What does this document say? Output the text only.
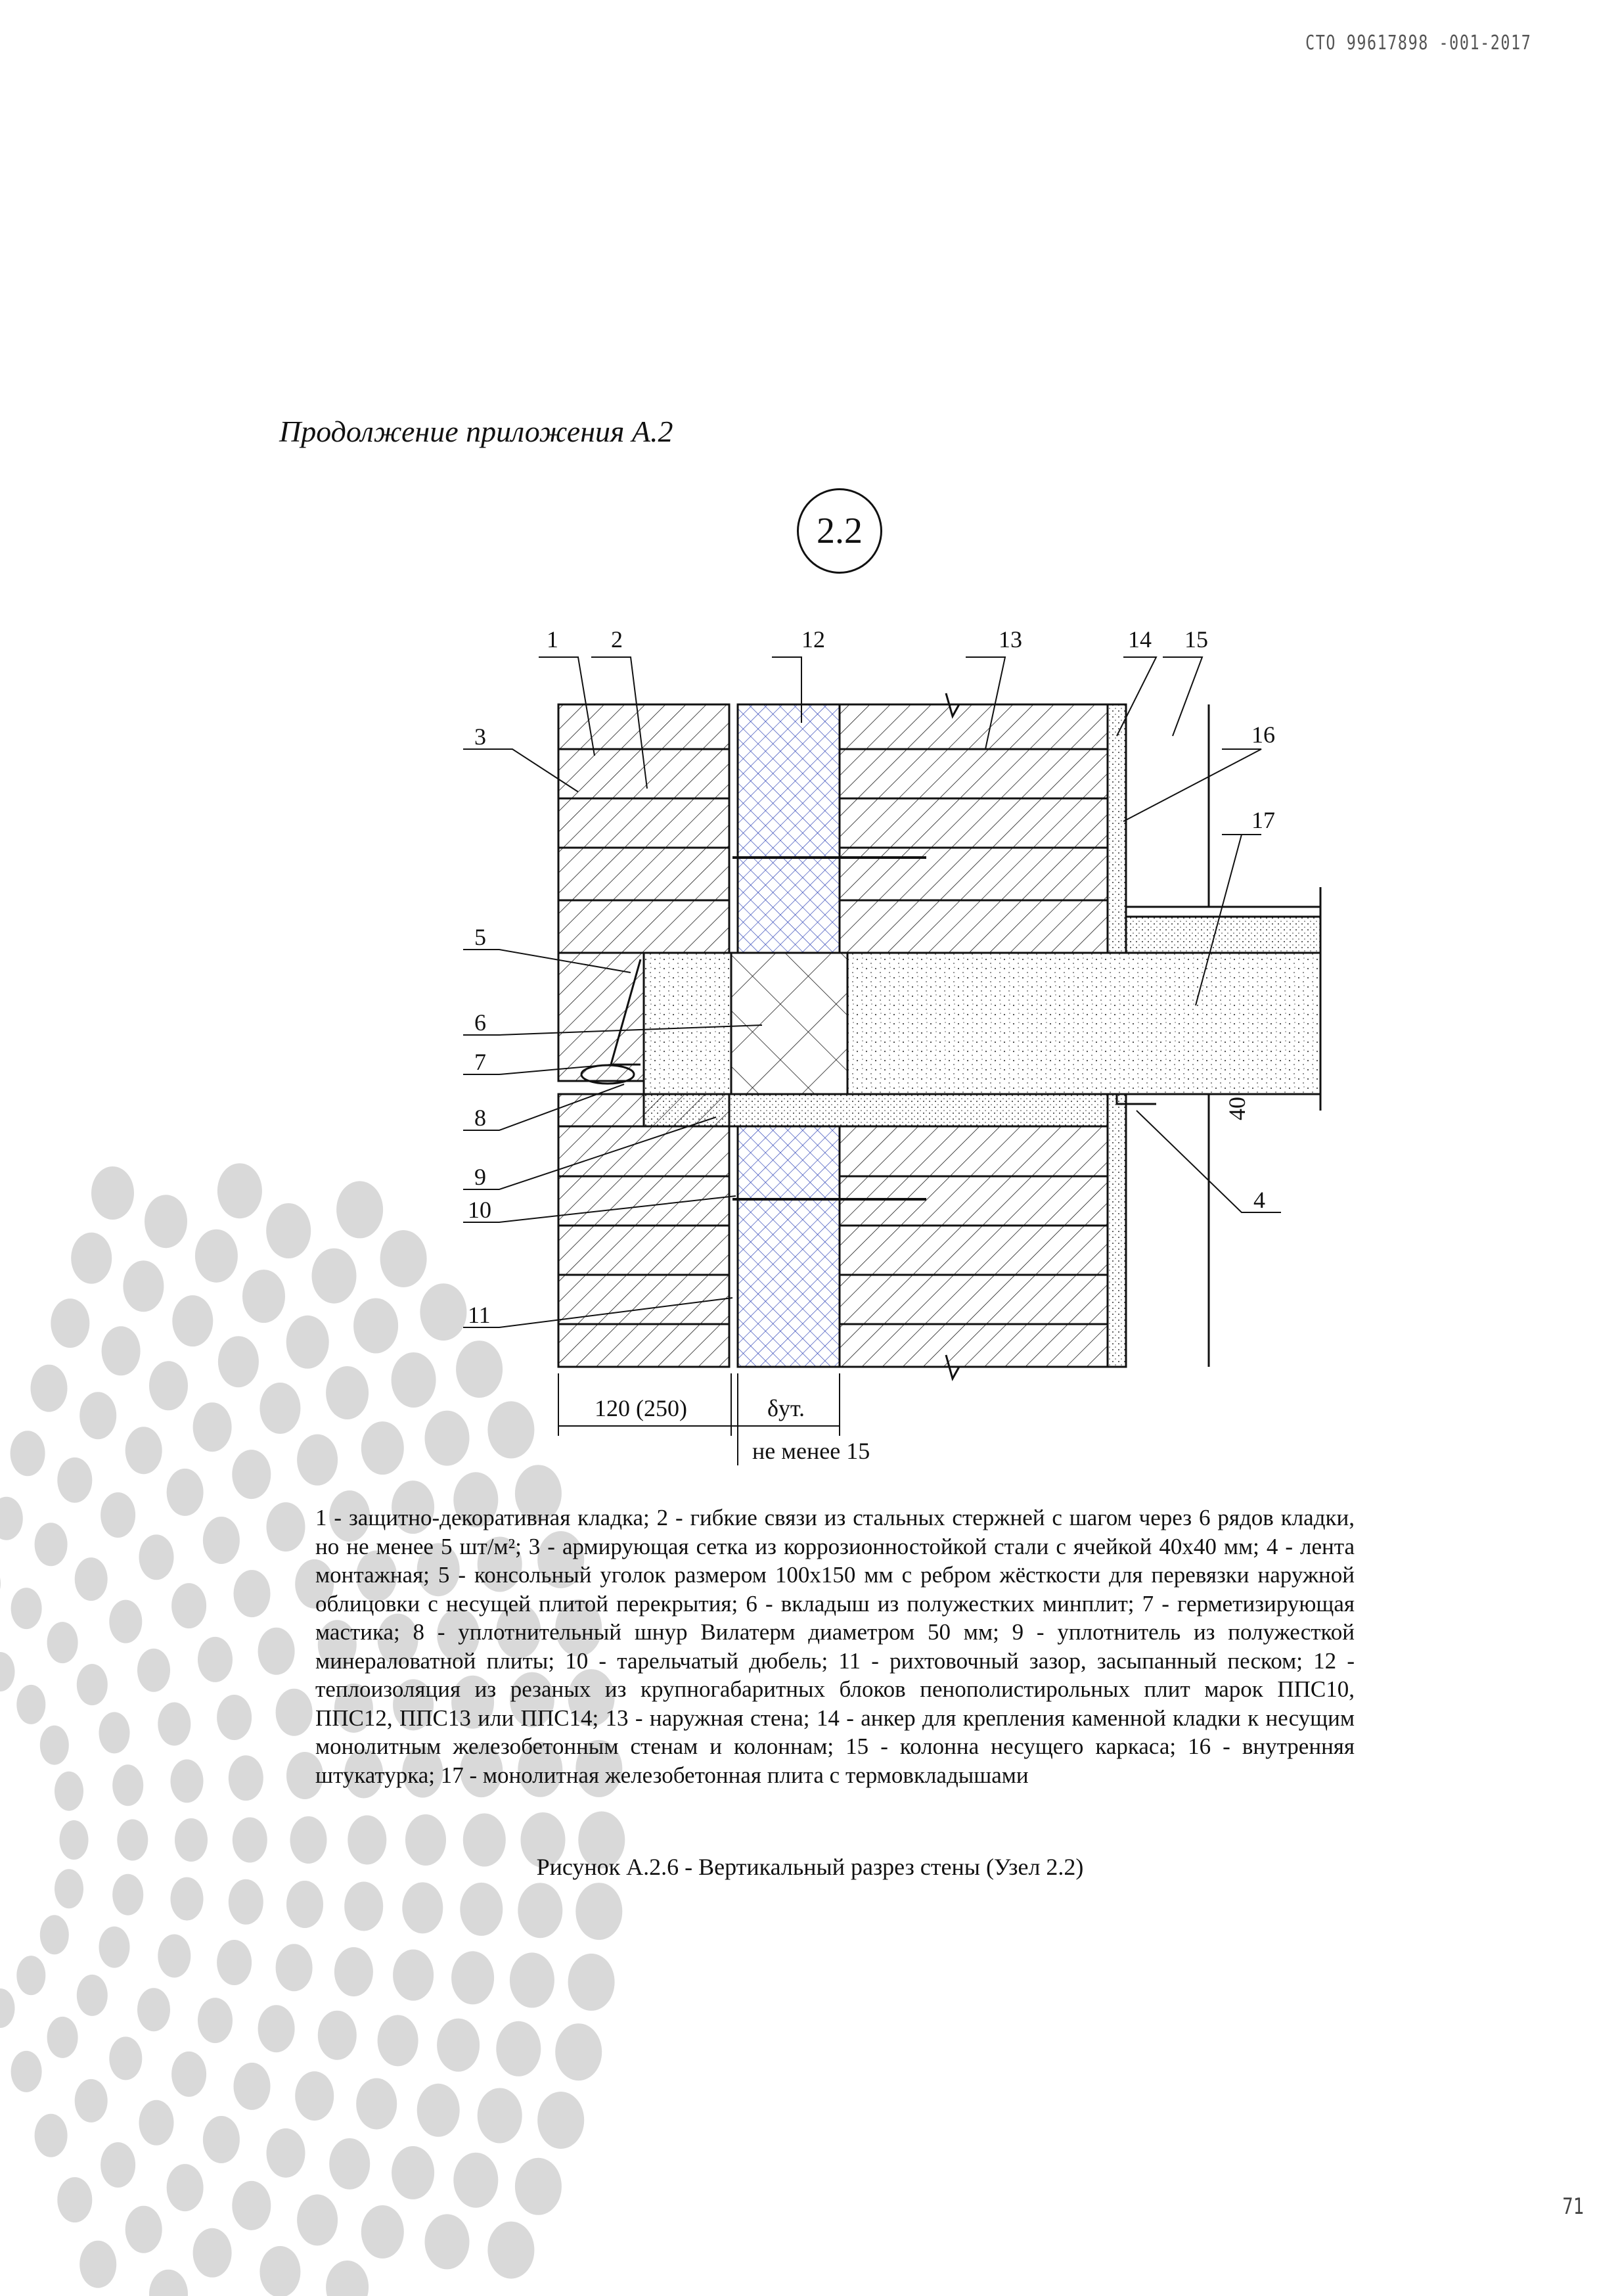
СТО 99617898 -001-2017
Продолжение приложения А.2
2.2
1 2
3
4
5
6
7
8
9
10
11
12	13	14 15
16
17
120 (250)	δут.
не менее 15
40
1 - защитно-декоративная кладка; 2 - гибкие связи из стальных стержней с шагом через 6 рядов кладки, но не менее 5 шт/м²; 3 - армирующая сетка из коррозионностойкой стали с ячейкой 40х40 мм; 4 - лента монтажная; 5 - консольный уголок размером 100х150 мм с ребром жёсткости для перевязки наружной облицовки с несущей плитой перекрытия; 6 - вкладыш из полужестких минплит; 7 - герметизирующая мастика; 8 - уплотнительный шнур Вилатерм диаметром 50 мм; 9 - уплотнитель из полужесткой минераловатной плиты; 10 - тарельчатый дюбель; 11 - рихтовочный зазор, засыпанный песком; 12 - теплоизоляция из резаных из крупногабаритных блоков пенополистирольных плит марок ППС10, ППС12, ППС13 или ППС14; 13 - наружная стена; 14 - анкер для крепления каменной кладки к несущим монолитным железобетонным стенам и колоннам; 15 - колонна несущего каркаса; 16 - внутренняя штукатурка; 17 - монолитная железобетонная плита с термовкладышами
Рисунок А.2.6 - Вертикальный разрез стены (Узел 2.2)
71
